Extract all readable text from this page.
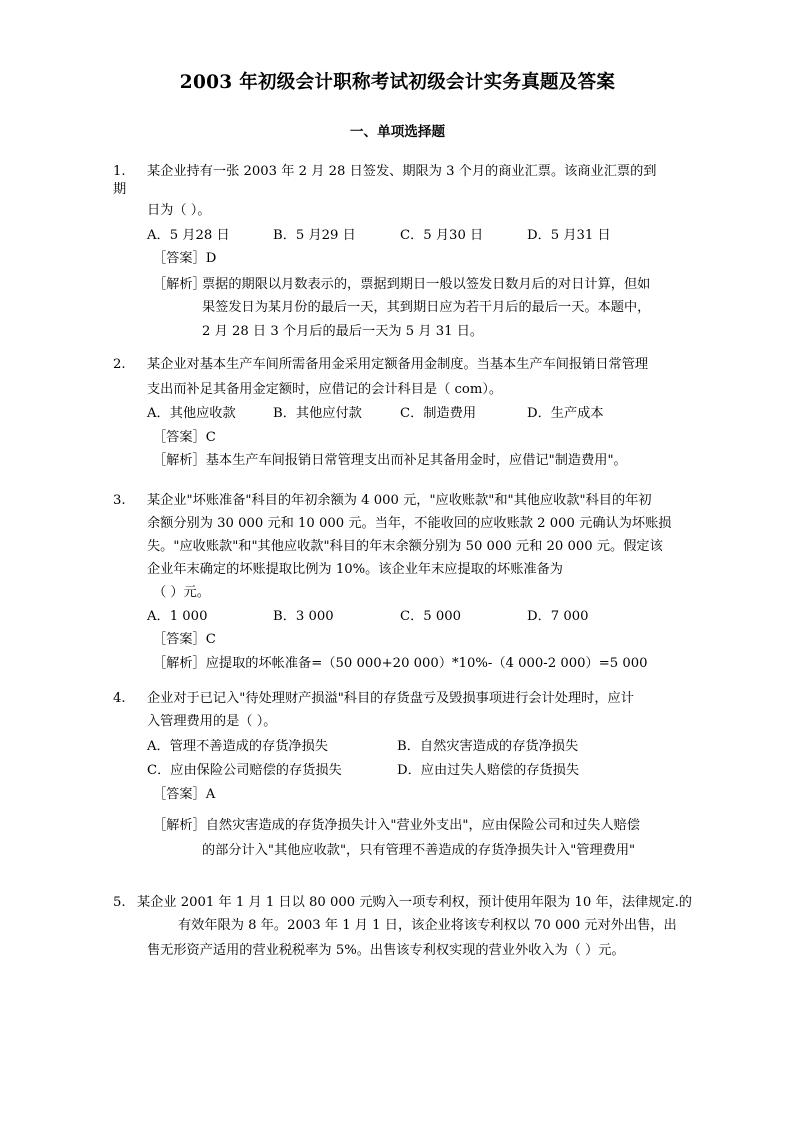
2003 年初级会计职称考试初级会计实务真题及答案
一、单项选择题
1. 某企业持有一张 2003 年 2 月 28 日签发、期限为 3 个月的商业汇票。该商业汇票的到
期
日为（ ）。
A．5 月28 日	B．5 月29 日	C．5 月30 日	D．5 月31 日
［答案］D
［解析］
票据的期限以月数表示的，票据到期日一般以签发日数月后的对日计算，但如
果签发日为某月份的最后一天，其到期日应为若干月后的最后一天。本题中，
2 月 28 日 3 个月后的最后一天为 5 月 31 日。
2. 某企业对基本生产车间所需备用金采用定额备用金制度。当基本生产车间报销日常管理
支出而补足其备用金定额时，应借记的会计科目是（ com）。
A．其他应收款	B．其他应付款	C．制造费用	D．生产成本
［答案］C
［解析］基本生产车间报销日常管理支出而补足其备用金时，应借记"制造费用"。
3. 某企业"坏账准备"科目的年初余额为 4 000 元，"应收账款"和"其他应收款"科目的年初
余额分别为 30 000 元和 10 000 元。当年，不能收回的应收账款 2 000 元确认为坏账损
失。"应收账款"和"其他应收款"科目的年末余额分别为 50 000 元和 20 000 元。假定该
企业年末确定的坏账提取比例为 10%。该企业年末应提取的坏账准备为
（ ）元。
A．1 000	B．3 000	C．5 000	D．7 000
［答案］C
［解析］应提取的坏帐准备=（50 000+20 000）*10%-（4 000-2 000）=5 000
4. 企业对于已记入"待处理财产损溢"科目的存货盘亏及毁损事项进行会计处理时，应计
入管理费用的是（ ）。
A．管理不善造成的存货净损失	B．自然灾害造成的存货净损失
C．应由保险公司赔偿的存货损失	D．应由过失人赔偿的存货损失
［答案］A
［解析］自然灾害造成的存货净损失计入"营业外支出"，应由保险公司和过失人赔偿
的部分计入"其他应收款"，只有管理不善造成的存货净损失计入"管理费用"
5. 某企业 2001 年 1 月 1 日以 80 000 元购入一项专利权，预计使用年限为 10 年，法律规定.的
有效年限为 8 年。2003 年 1 月 1 日，该企业将该专利权以 70 000 元对外出售，出
售无形资产适用的营业税税率为 5%。出售该专利权实现的营业外收入为（ ）元。
